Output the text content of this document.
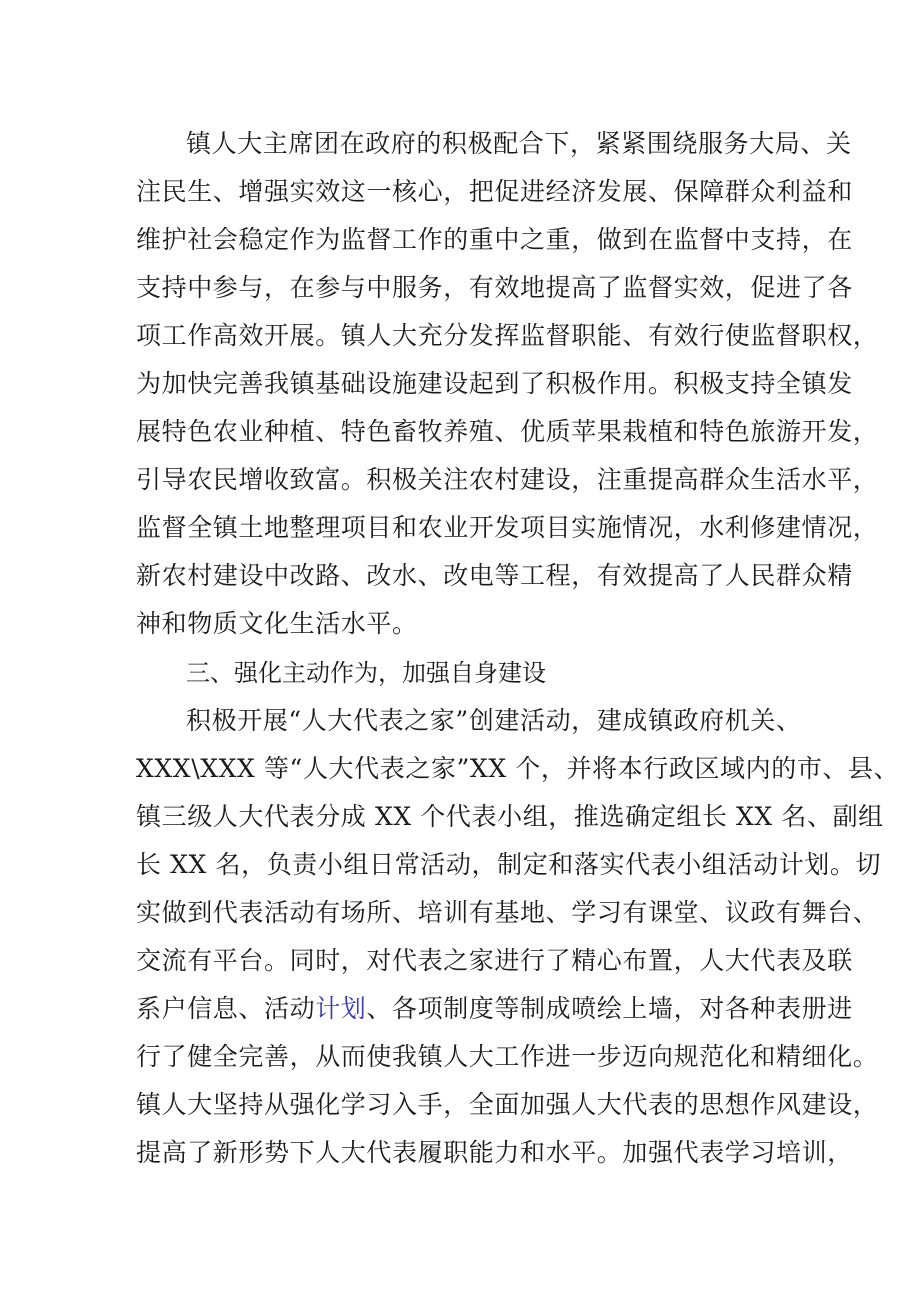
镇人大主席团在政府的积极配合下，紧紧围绕服务大局、关
注民生、增强实效这一核心，把促进经济发展、保障群众利益和
维护社会稳定作为监督工作的重中之重，做到在监督中支持，在
支持中参与，在参与中服务，有效地提高了监督实效，促进了各
项工作高效开展。镇人大充分发挥监督职能、有效行使监督职权，
为加快完善我镇基础设施建设起到了积极作用。积极支持全镇发
展特色农业种植、特色畜牧养殖、优质苹果栽植和特色旅游开发，
引导农民增收致富。积极关注农村建设，注重提高群众生活水平，
监督全镇土地整理项目和农业开发项目实施情况，水利修建情况，
新农村建设中改路、改水、改电等工程，有效提高了人民群众精
神和物质文化生活水平。
三、强化主动作为，加强自身建设
积极开展“人大代表之家”创建活动，建成镇政府机关、
XXX\XXX 等“人大代表之家”XX 个，并将本行政区域内的市、县、
镇三级人大代表分成 XX 个代表小组，推选确定组长 XX 名、副组
长 XX 名，负责小组日常活动，制定和落实代表小组活动计划。切
实做到代表活动有场所、培训有基地、学习有课堂、议政有舞台、
交流有平台。同时，对代表之家进行了精心布置，人大代表及联
系户信息、活动计划、各项制度等制成喷绘上墙，对各种表册进
行了健全完善，从而使我镇人大工作进一步迈向规范化和精细化。
镇人大坚持从强化学习入手，全面加强人大代表的思想作风建设，
提高了新形势下人大代表履职能力和水平。加强代表学习培训，
